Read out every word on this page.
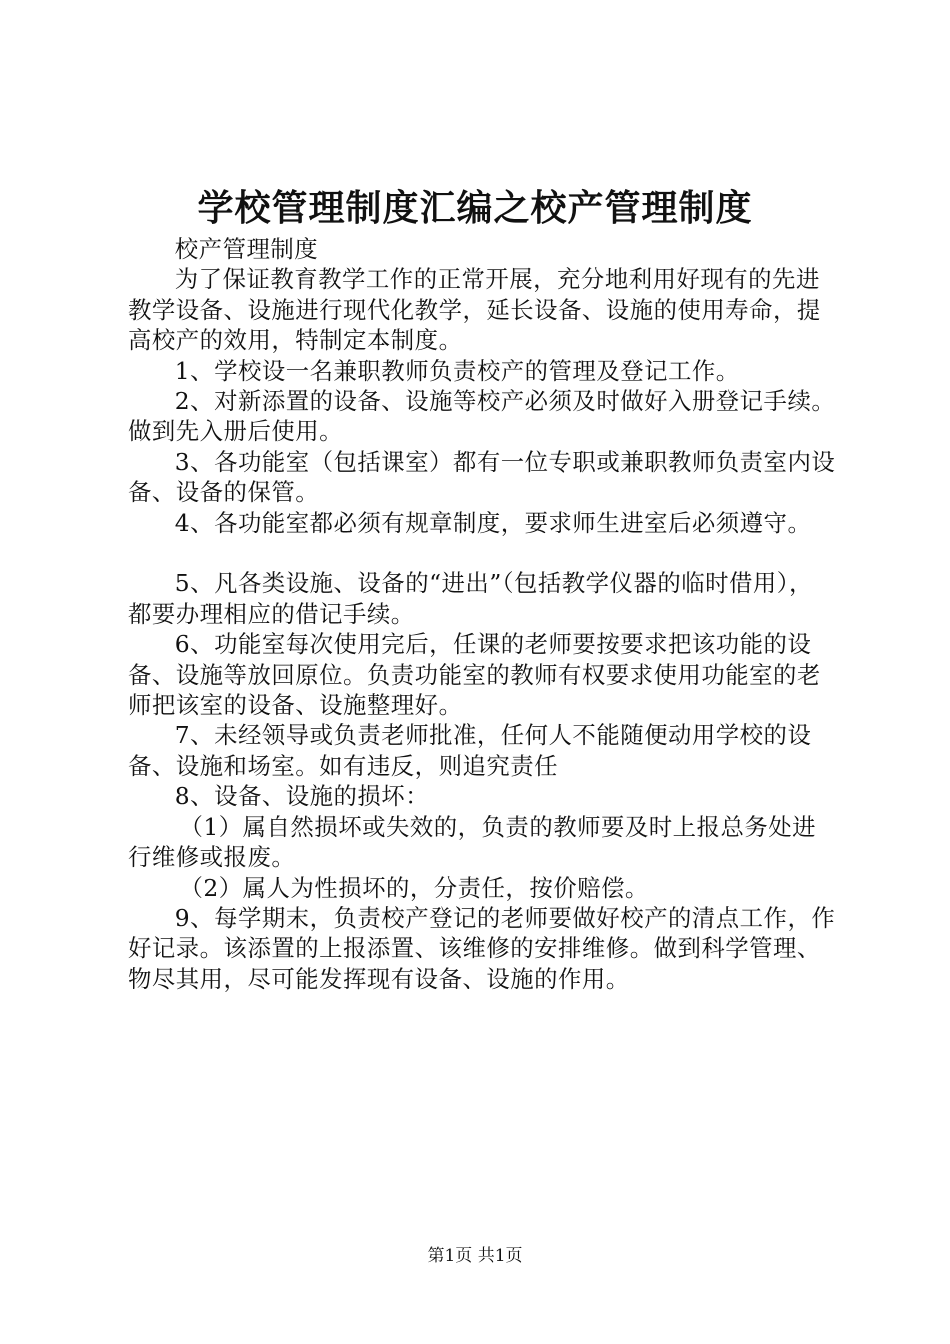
学校管理制度汇编之校产管理制度

校产管理制度

为了保证教育教学工作的正常开展，充分地利用好现有的先进教学设备、设施进行现代化教学，延长设备、设施的使用寿命，提高校产的效用，特制定本制度。

1、学校设一名兼职教师负责校产的管理及登记工作。

2、对新添置的设备、设施等校产必须及时做好入册登记手续。做到先入册后使用。

3、各功能室（包括课室）都有一位专职或兼职教师负责室内设备、设备的保管。

4、各功能室都必须有规章制度，要求师生进室后必须遵守。

5、凡各类设施、设备的“进出”（包括教学仪器的临时借用），都要办理相应的借记手续。

6、功能室每次使用完后，任课的老师要按要求把该功能的设备、设施等放回原位。负责功能室的教师有权要求使用功能室的老师把该室的设备、设施整理好。

7、未经领导或负责老师批准，任何人不能随便动用学校的设备、设施和场室。如有违反，则追究责任

8、设备、设施的损坏：

（1）属自然损坏或失效的，负责的教师要及时上报总务处进行维修或报废。

（2）属人为性损坏的，分责任，按价赔偿。

9、每学期末，负责校产登记的老师要做好校产的清点工作，作好记录。该添置的上报添置、该维修的安排维修。做到科学管理、物尽其用，尽可能发挥现有设备、设施的作用。

第1页 共1页
